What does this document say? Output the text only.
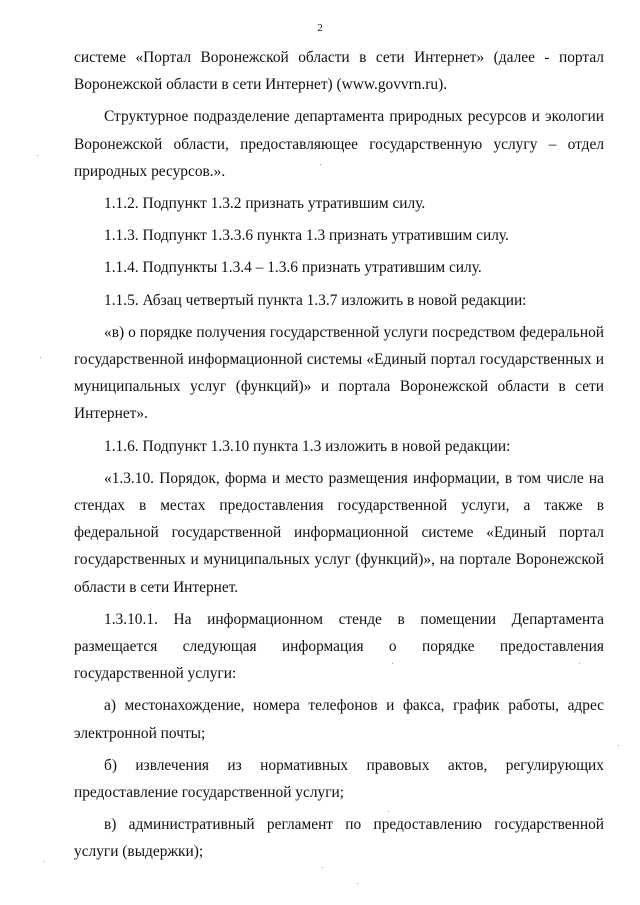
2

системе «Портал Воронежской области в сети Интернет» (далее - портал Воронежской области в сети Интернет) (www.govvrn.ru).

Структурное подразделение департамента природных ресурсов и экологии Воронежской области, предоставляющее государственную услугу – отдел природных ресурсов.».

1.1.2. Подпункт 1.3.2 признать утратившим силу.

1.1.3. Подпункт 1.3.3.6 пункта 1.3 признать утратившим силу.

1.1.4. Подпункты 1.3.4 – 1.3.6 признать утратившим силу.

1.1.5. Абзац четвертый пункта 1.3.7 изложить в новой редакции:

«в) о порядке получения государственной услуги посредством федеральной государственной информационной системы «Единый портал государственных и муниципальных услуг (функций)» и портала Воронежской области в сети Интернет».

1.1.6. Подпункт 1.3.10 пункта 1.3 изложить в новой редакции:

«1.3.10. Порядок, форма и место размещения информации, в том числе на стендах в местах предоставления государственной услуги, а также в федеральной государственной информационной системе «Единый портал государственных и муниципальных услуг (функций)», на портале Воронежской области в сети Интернет.

1.3.10.1. На информационном стенде в помещении Департамента размещается следующая информация о порядке предоставления государственной услуги:

а) местонахождение, номера телефонов и факса, график работы, адрес электронной почты;

б) извлечения из нормативных правовых актов, регулирующих предоставление государственной услуги;

в) административный регламент по предоставлению государственной услуги (выдержки);
